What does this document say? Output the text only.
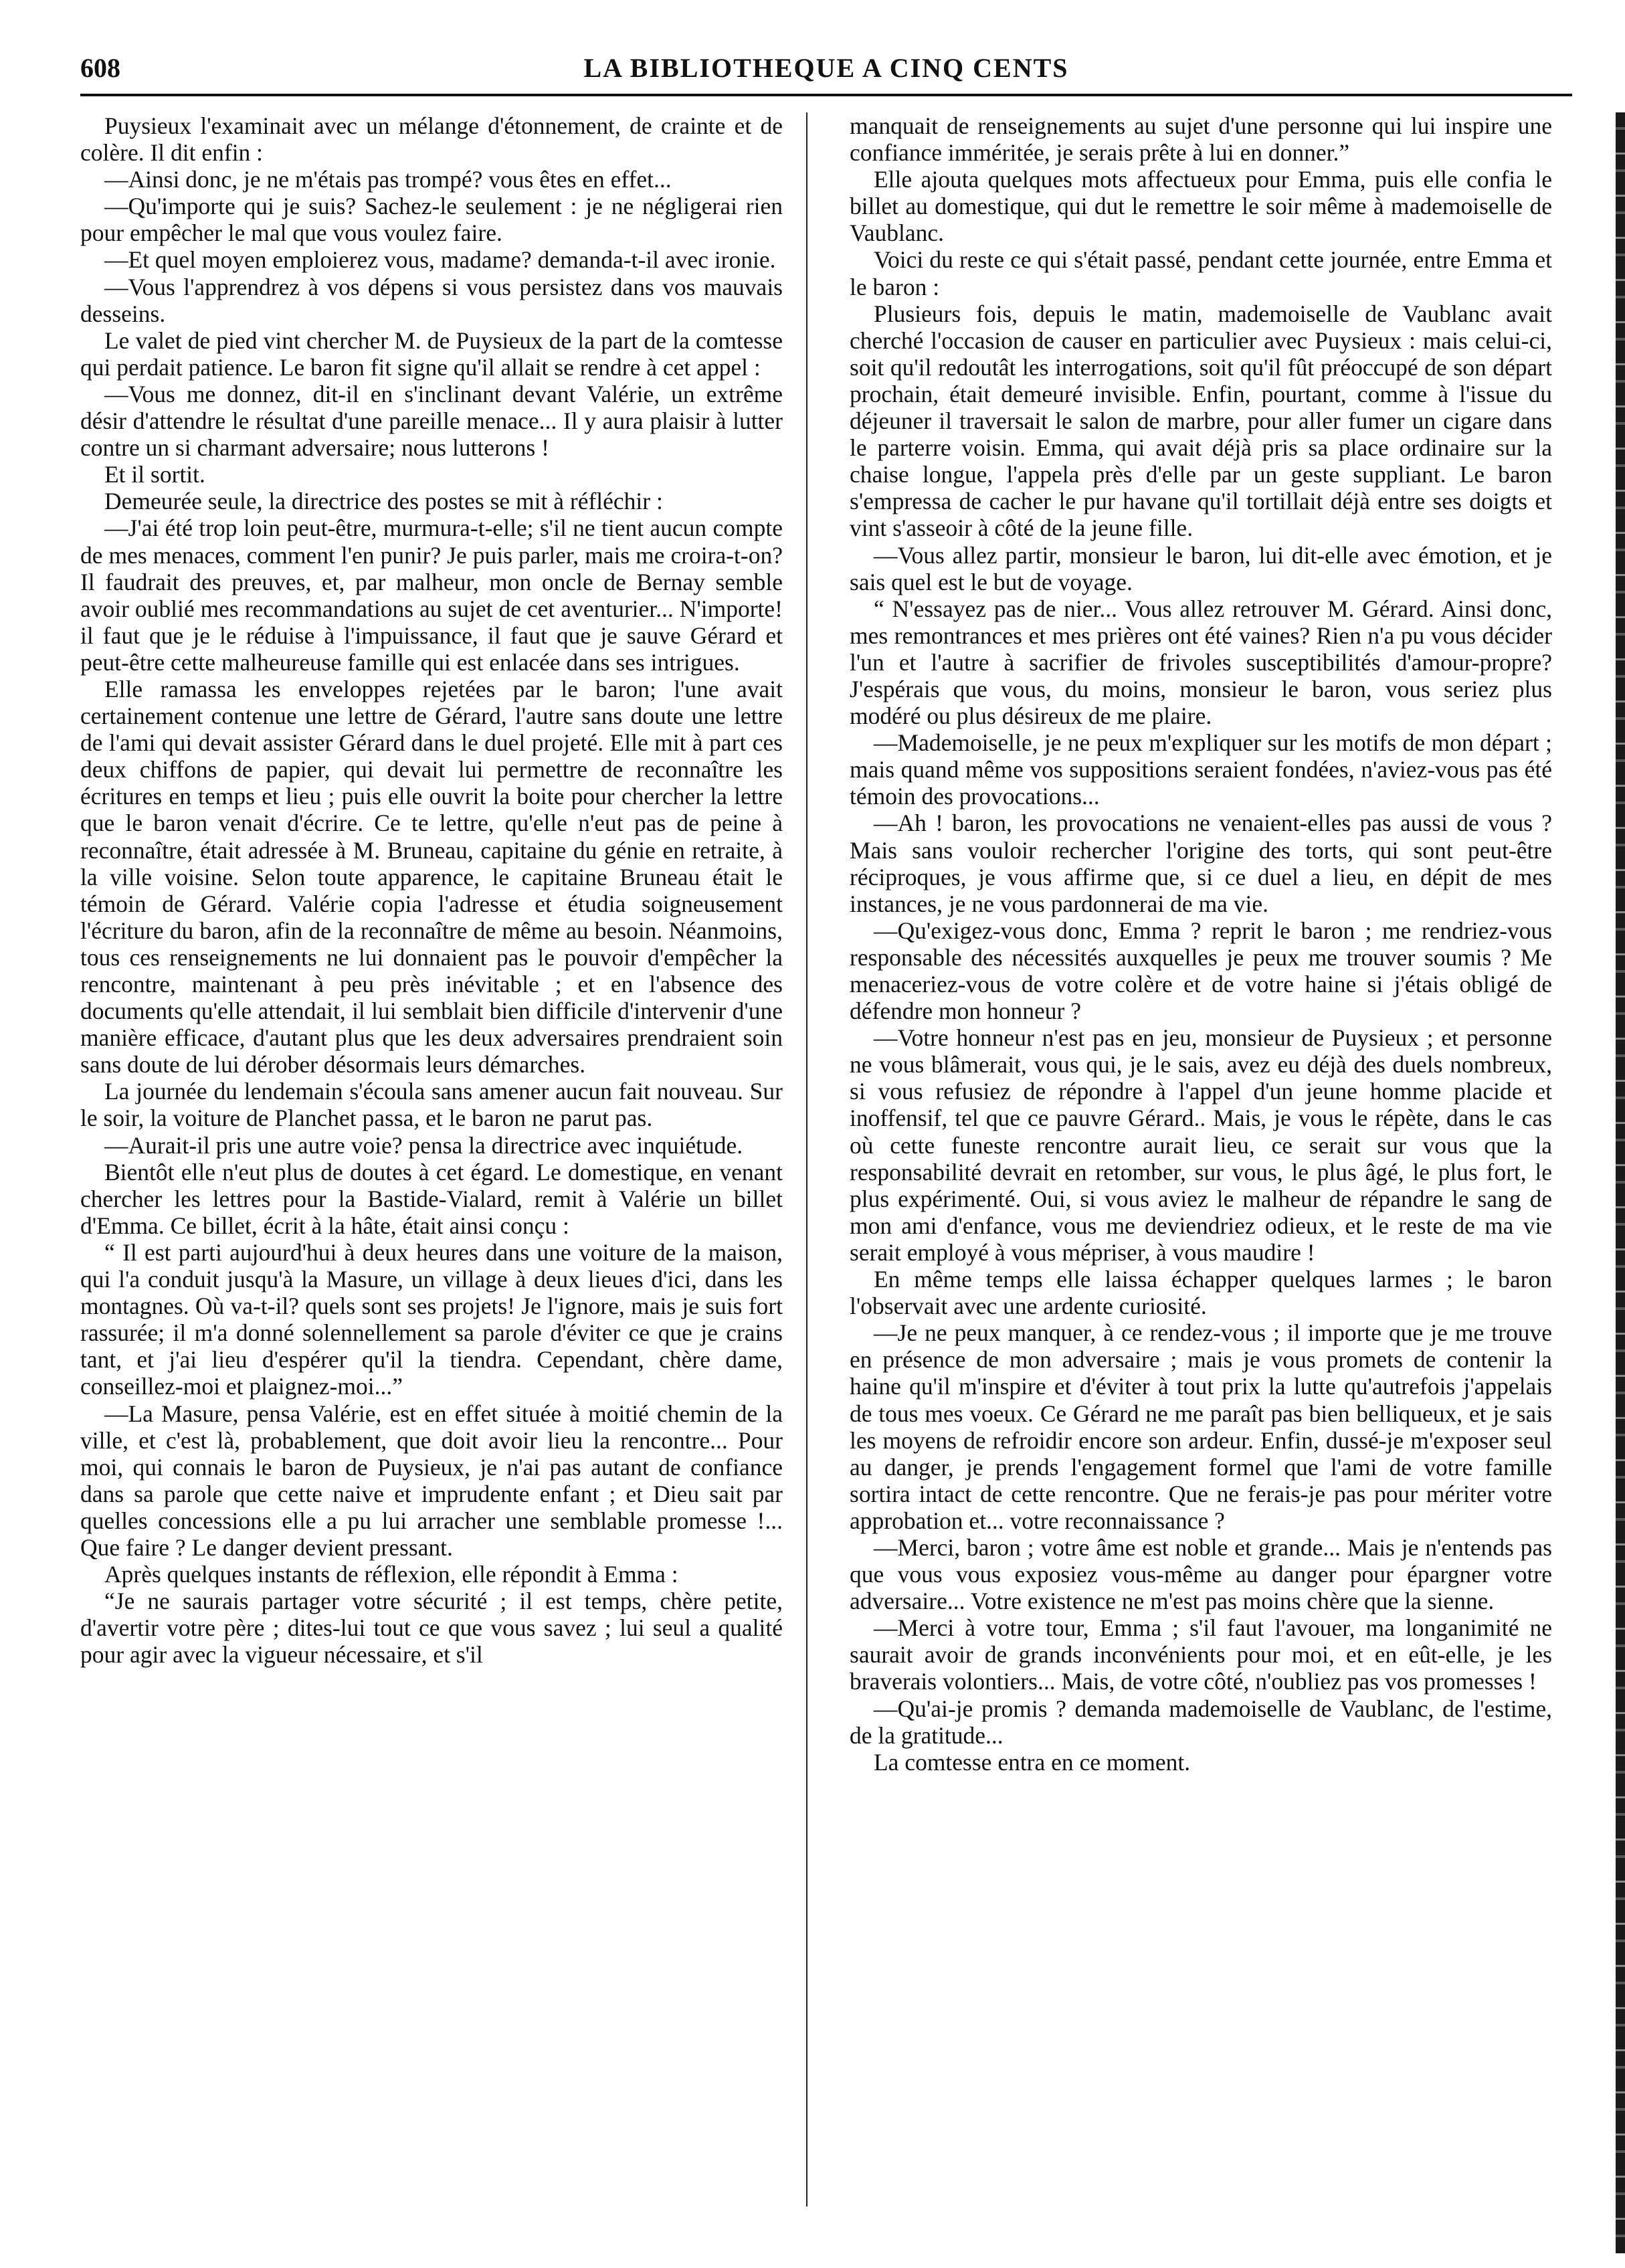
608	LA BIBLIOTHEQUE A CINQ CENTS

Puysieux l'examinait avec un mélange d'étonnement, de crainte et de colère. Il dit enfin :

—Ainsi donc, je ne m'étais pas trompé? vous êtes en effet...

—Qu'importe qui je suis? Sachez-le seulement : je ne négligerai rien pour empêcher le mal que vous voulez faire.

—Et quel moyen emploierez vous, madame? demanda-t-il avec ironie.

—Vous l'apprendrez à vos dépens si vous persistez dans vos mauvais desseins.

Le valet de pied vint chercher M. de Puysieux de la part de la comtesse qui perdait patience. Le baron fit signe qu'il allait se rendre à cet appel :

—Vous me donnez, dit-il en s'inclinant devant Valérie, un extrême désir d'attendre le résultat d'une pareille menace... Il y aura plaisir à lutter contre un si charmant adversaire; nous lutterons !

Et il sortit.

Demeurée seule, la directrice des postes se mit à réfléchir :

—J'ai été trop loin peut-être, murmura-t-elle; s'il ne tient aucun compte de mes menaces, comment l'en punir? Je puis parler, mais me croira-t-on? Il faudrait des preuves, et, par malheur, mon oncle de Bernay semble avoir oublié mes recommandations au sujet de cet aventurier... N'importe! il faut que je le réduise à l'impuissance, il faut que je sauve Gérard et peut-être cette malheureuse famille qui est enlacée dans ses intrigues.

Elle ramassa les enveloppes rejetées par le baron; l'une avait certainement contenue une lettre de Gérard, l'autre sans doute une lettre de l'ami qui devait assister Gérard dans le duel projeté. Elle mit à part ces deux chiffons de papier, qui devait lui permettre de reconnaître les écritures en temps et lieu ; puis elle ouvrit la boite pour chercher la lettre que le baron venait d'écrire. Ce te lettre, qu'elle n'eut pas de peine à reconnaître, était adressée à M. Bruneau, capitaine du génie en retraite, à la ville voisine. Selon toute apparence, le capitaine Bruneau était le témoin de Gérard. Valérie copia l'adresse et étudia soigneusement l'écriture du baron, afin de la reconnaître de même au besoin. Néanmoins, tous ces renseignements ne lui donnaient pas le pouvoir d'empêcher la rencontre, maintenant à peu près inévitable ; et en l'absence des documents qu'elle attendait, il lui semblait bien difficile d'intervenir d'une manière efficace, d'autant plus que les deux adversaires prendraient soin sans doute de lui dérober désormais leurs démarches.

La journée du lendemain s'écoula sans amener aucun fait nouveau. Sur le soir, la voiture de Planchet passa, et le baron ne parut pas.

—Aurait-il pris une autre voie? pensa la directrice avec inquiétude.

Bientôt elle n'eut plus de doutes à cet égard. Le domestique, en venant chercher les lettres pour la Bastide-Vialard, remit à Valérie un billet d'Emma. Ce billet, écrit à la hâte, était ainsi conçu :

“ Il est parti aujourd'hui à deux heures dans une voiture de la maison, qui l'a conduit jusqu'à la Masure, un village à deux lieues d'ici, dans les montagnes. Où va-t-il? quels sont ses projets! Je l'ignore, mais je suis fort rassurée; il m'a donné solennellement sa parole d'éviter ce que je crains tant, et j'ai lieu d'espérer qu'il la tiendra. Cependant, chère dame, conseillez-moi et plaignez-moi...”

—La Masure, pensa Valérie, est en effet située à moitié chemin de la ville, et c'est là, probablement, que doit avoir lieu la rencontre... Pour moi, qui connais le baron de Puysieux, je n'ai pas autant de confiance dans sa parole que cette naive et imprudente enfant ; et Dieu sait par quelles concessions elle a pu lui arracher une semblable promesse !... Que faire ? Le danger devient pressant.

Après quelques instants de réflexion, elle répondit à Emma :

“Je ne saurais partager votre sécurité ; il est temps, chère petite, d'avertir votre père ; dites-lui tout ce que vous savez ; lui seul a qualité pour agir avec la vigueur nécessaire, et s'il

manquait de renseignements au sujet d'une personne qui lui inspire une confiance imméritée, je serais prête à lui en donner.”

Elle ajouta quelques mots affectueux pour Emma, puis elle confia le billet au domestique, qui dut le remettre le soir même à mademoiselle de Vaublanc.

Voici du reste ce qui s'était passé, pendant cette journée, entre Emma et le baron :

Plusieurs fois, depuis le matin, mademoiselle de Vaublanc avait cherché l'occasion de causer en particulier avec Puysieux : mais celui-ci, soit qu'il redoutât les interrogations, soit qu'il fût préoccupé de son départ prochain, était demeuré invisible. Enfin, pourtant, comme à l'issue du déjeuner il traversait le salon de marbre, pour aller fumer un cigare dans le parterre voisin. Emma, qui avait déjà pris sa place ordinaire sur la chaise longue, l'appela près d'elle par un geste suppliant. Le baron s'empressa de cacher le pur havane qu'il tortillait déjà entre ses doigts et vint s'asseoir à côté de la jeune fille.

—Vous allez partir, monsieur le baron, lui dit-elle avec émotion, et je sais quel est le but de voyage.

“ N'essayez pas de nier... Vous allez retrouver M. Gérard. Ainsi donc, mes remontrances et mes prières ont été vaines? Rien n'a pu vous décider l'un et l'autre à sacrifier de frivoles susceptibilités d'amour-propre? J'espérais que vous, du moins, monsieur le baron, vous seriez plus modéré ou plus désireux de me plaire.

—Mademoiselle, je ne peux m'expliquer sur les motifs de mon départ ; mais quand même vos suppositions seraient fondées, n'aviez-vous pas été témoin des provocations...

—Ah ! baron, les provocations ne venaient-elles pas aussi de vous ? Mais sans vouloir rechercher l'origine des torts, qui sont peut-être réciproques, je vous affirme que, si ce duel a lieu, en dépit de mes instances, je ne vous pardonnerai de ma vie.

—Qu'exigez-vous donc, Emma ? reprit le baron ; me rendriez-vous responsable des nécessités auxquelles je peux me trouver soumis ? Me menaceriez-vous de votre colère et de votre haine si j'étais obligé de défendre mon honneur ?

—Votre honneur n'est pas en jeu, monsieur de Puysieux ; et personne ne vous blâmerait, vous qui, je le sais, avez eu déjà des duels nombreux, si vous refusiez de répondre à l'appel d'un jeune homme placide et inoffensif, tel que ce pauvre Gérard.. Mais, je vous le répète, dans le cas où cette funeste rencontre aurait lieu, ce serait sur vous que la responsabilité devrait en retomber, sur vous, le plus âgé, le plus fort, le plus expérimenté. Oui, si vous aviez le malheur de répandre le sang de mon ami d'enfance, vous me deviendriez odieux, et le reste de ma vie serait employé à vous mépriser, à vous maudire !

En même temps elle laissa échapper quelques larmes ; le baron l'observait avec une ardente curiosité.

—Je ne peux manquer, à ce rendez-vous ; il importe que je me trouve en présence de mon adversaire ; mais je vous promets de contenir la haine qu'il m'inspire et d'éviter à tout prix la lutte qu'autrefois j'appelais de tous mes voeux. Ce Gérard ne me paraît pas bien belliqueux, et je sais les moyens de refroidir encore son ardeur. Enfin, dussé-je m'exposer seul au danger, je prends l'engagement formel que l'ami de votre famille sortira intact de cette rencontre. Que ne ferais-je pas pour mériter votre approbation et... votre reconnaissance ?

—Merci, baron ; votre âme est noble et grande... Mais je n'entends pas que vous vous exposiez vous-même au danger pour épargner votre adversaire... Votre existence ne m'est pas moins chère que la sienne.

—Merci à votre tour, Emma ; s'il faut l'avouer, ma longanimité ne saurait avoir de grands inconvénients pour moi, et en eût-elle, je les braverais volontiers... Mais, de votre côté, n'oubliez pas vos promesses !

—Qu'ai-je promis ? demanda mademoiselle de Vaublanc, de l'estime, de la gratitude...

La comtesse entra en ce moment.
